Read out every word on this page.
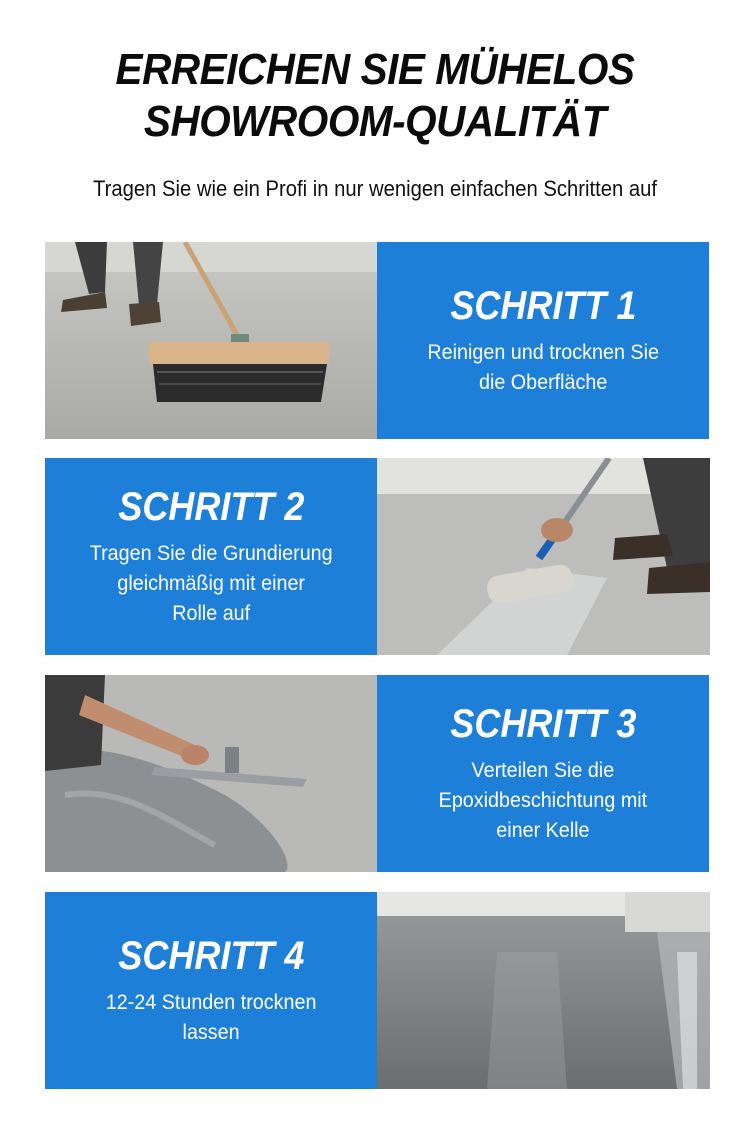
ERREICHEN SIE MÜHELOS
SHOWROOM-QUALITÄT

Tragen Sie wie ein Profi in nur wenigen einfachen Schritten auf

SCHRITT 1
Reinigen und trocknen Sie
die Oberfläche
SCHRITT 2
Tragen Sie die Grundierung
gleichmäßig mit einer
Rolle auf
SCHRITT 3
Verteilen Sie die
Epoxidbeschichtung mit
einer Kelle
SCHRITT 4
12-24 Stunden trocknen
lassen
